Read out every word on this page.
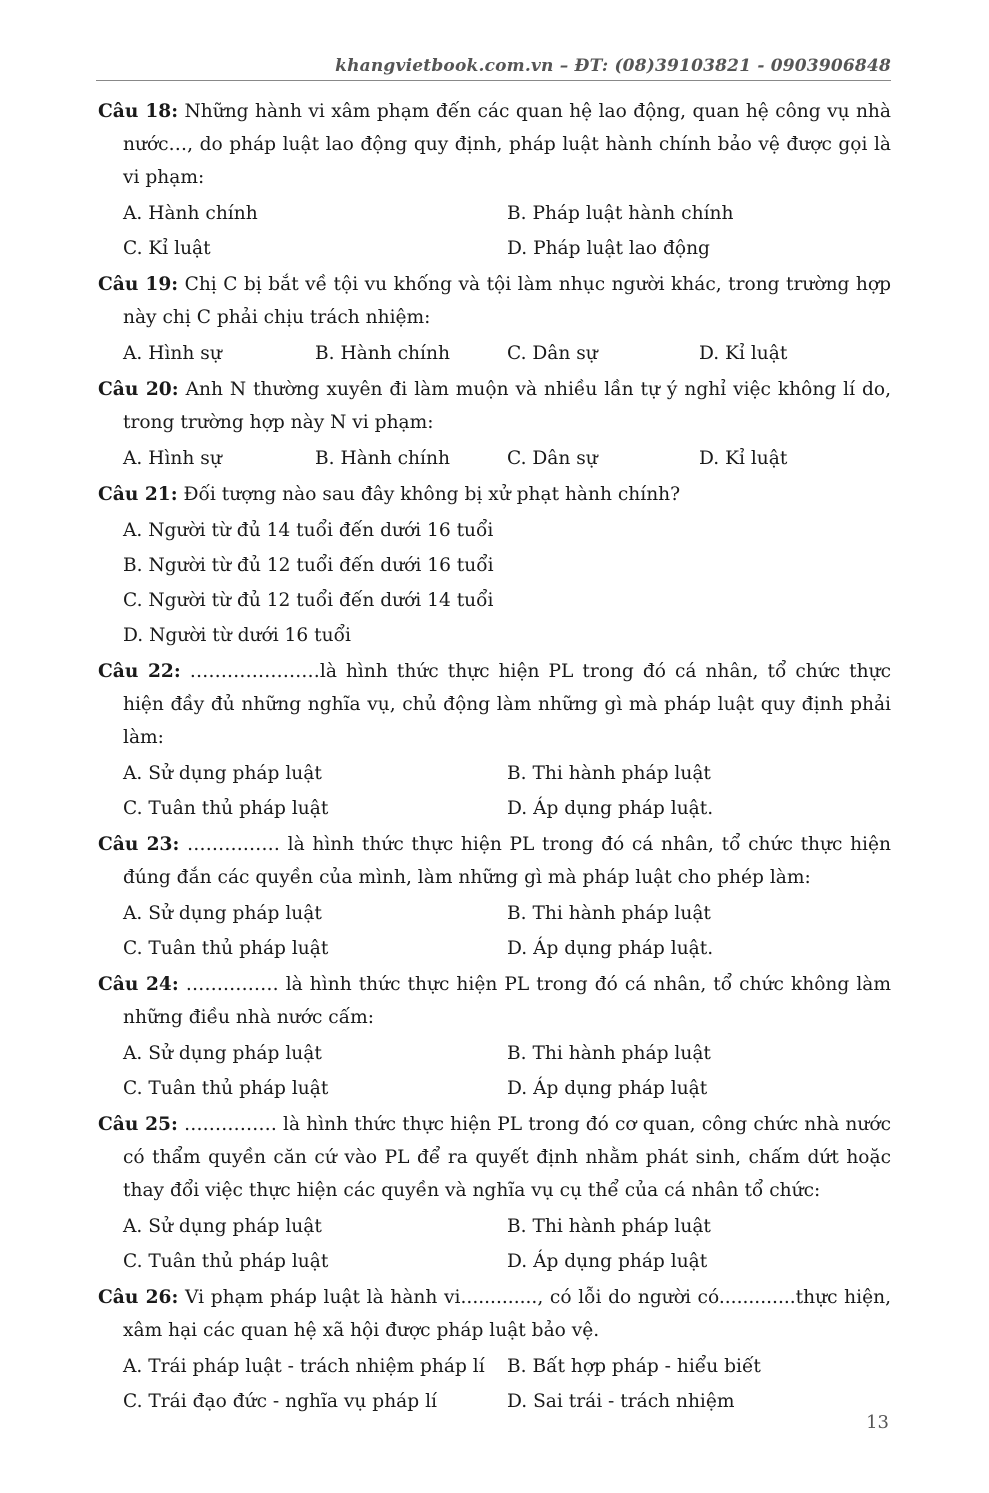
khangvietbook.com.vn – ĐT: (08)39103821 - 0903906848

Câu 18: Những hành vi xâm phạm đến các quan hệ lao động, quan hệ công vụ nhà nước…, do pháp luật lao động quy định, pháp luật hành chính bảo vệ được gọi là vi phạm:

A. Hành chính	B. Pháp luật hành chính
C. Kỉ luật	D. Pháp luật lao động

Câu 19: Chị C bị bắt về tội vu khống và tội làm nhục người khác, trong trường hợp này chị C phải chịu trách nhiệm:

A. Hình sự	B. Hành chính	C. Dân sự	D. Kỉ luật

Câu 20: Anh N thường xuyên đi làm muộn và nhiều lần tự ý nghỉ việc không lí do, trong trường hợp này N vi phạm:

A. Hình sự	B. Hành chính	C. Dân sự	D. Kỉ luật

Câu 21: Đối tượng nào sau đây không bị xử phạt hành chính?

A. Người từ đủ 14 tuổi đến dưới 16 tuổi
B. Người từ đủ 12 tuổi đến dưới 16 tuổi
C. Người từ đủ 12 tuổi đến dưới 14 tuổi
D. Người từ dưới 16 tuổi

Câu 22: …………………là hình thức thực hiện PL trong đó cá nhân, tổ chức thực hiện đầy đủ những nghĩa vụ, chủ động làm những gì mà pháp luật quy định phải làm:

A. Sử dụng pháp luật	B. Thi hành pháp luật
C. Tuân thủ pháp luật	D. Áp dụng pháp luật.

Câu 23: …………… là hình thức thực hiện PL trong đó cá nhân, tổ chức thực hiện đúng đắn các quyền của mình, làm những gì mà pháp luật cho phép làm:

A. Sử dụng pháp luật	B. Thi hành pháp luật
C. Tuân thủ pháp luật	D. Áp dụng pháp luật.

Câu 24: …………… là hình thức thực hiện PL trong đó cá nhân, tổ chức không làm những điều nhà nước cấm:

A. Sử dụng pháp luật	B. Thi hành pháp luật
C. Tuân thủ pháp luật	D. Áp dụng pháp luật

Câu 25: …………… là hình thức thực hiện PL trong đó cơ quan, công chức nhà nước có thẩm quyền căn cứ vào PL để ra quyết định nhằm phát sinh, chấm dứt hoặc thay đổi việc thực hiện các quyền và nghĩa vụ cụ thể của cá nhân tổ chức:

A. Sử dụng pháp luật	B. Thi hành pháp luật
C. Tuân thủ pháp luật	D. Áp dụng pháp luật

Câu 26: Vi phạm pháp luật là hành vi............., có lỗi do người có.............thực hiện, xâm hại các quan hệ xã hội được pháp luật bảo vệ.

A. Trái pháp luật - trách nhiệm pháp lí	B. Bất hợp pháp - hiểu biết
C. Trái đạo đức - nghĩa vụ pháp lí	D. Sai trái - trách nhiệm
13
